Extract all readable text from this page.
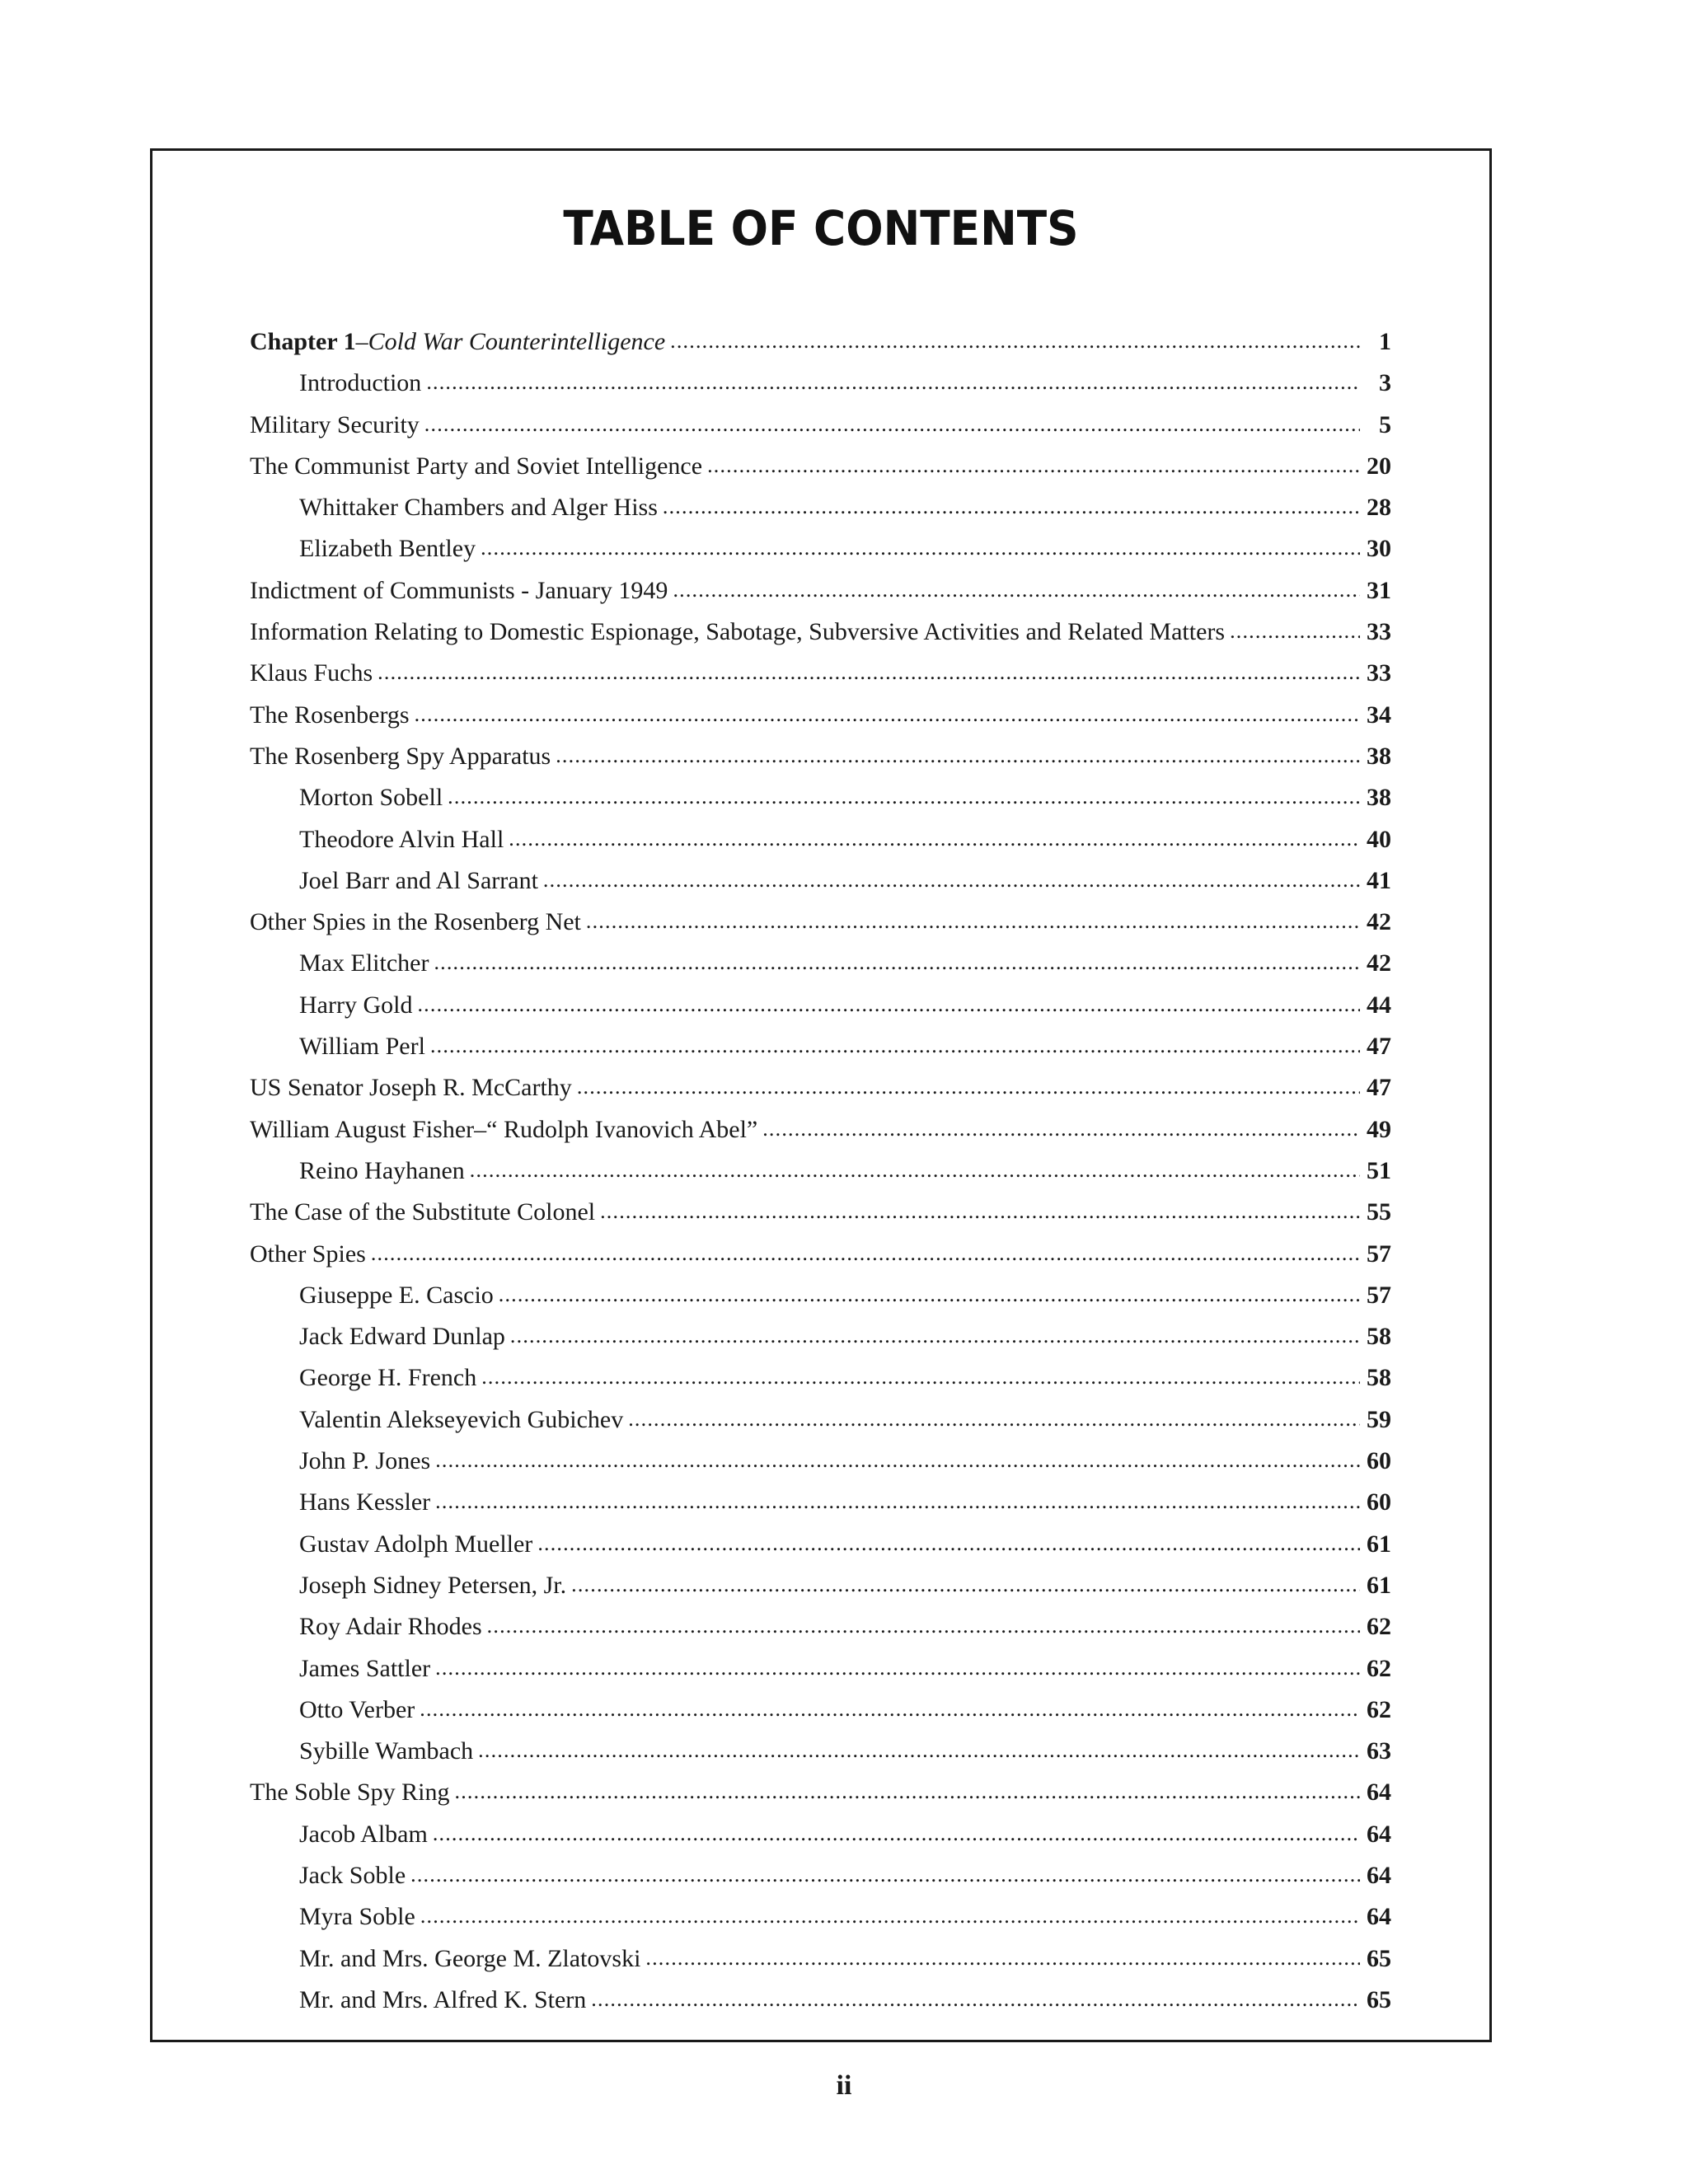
TABLE OF CONTENTS
Chapter 1–Cold War Counterintelligence .....	1
Introduction .....	3
Military Security .....	5
The Communist Party and Soviet Intelligence .....	20
Whittaker Chambers and Alger Hiss .....	28
Elizabeth Bentley .....	30
Indictment of Communists - January 1949 .....	31
Information Relating to Domestic Espionage, Sabotage, Subversive Activities and Related Matters .....	33
Klaus Fuchs .....	33
The Rosenbergs .....	34
The Rosenberg Spy Apparatus .....	38
Morton Sobell .....	38
Theodore Alvin Hall .....	40
Joel Barr and Al Sarrant .....	41
Other Spies in the Rosenberg Net .....	42
Max Elitcher .....	42
Harry Gold .....	44
William Perl .....	47
US Senator Joseph R. McCarthy .....	47
William August Fisher–“ Rudolph Ivanovich Abel” .....	49
Reino Hayhanen .....	51
The Case of the Substitute Colonel .....	55
Other Spies .....	57
Giuseppe E. Cascio .....	57
Jack Edward Dunlap .....	58
George H. French .....	58
Valentin Alekseyevich Gubichev .....	59
John P. Jones .....	60
Hans Kessler .....	60
Gustav Adolph Mueller .....	61
Joseph Sidney Petersen, Jr. .....	61
Roy Adair Rhodes .....	62
James Sattler .....	62
Otto Verber .....	62
Sybille Wambach .....	63
The Soble Spy Ring .....	64
Jacob Albam .....	64
Jack Soble .....	64
Myra Soble .....	64
Mr. and Mrs. George M. Zlatovski .....	65
Mr. and Mrs. Alfred K. Stern .....	65
ii
